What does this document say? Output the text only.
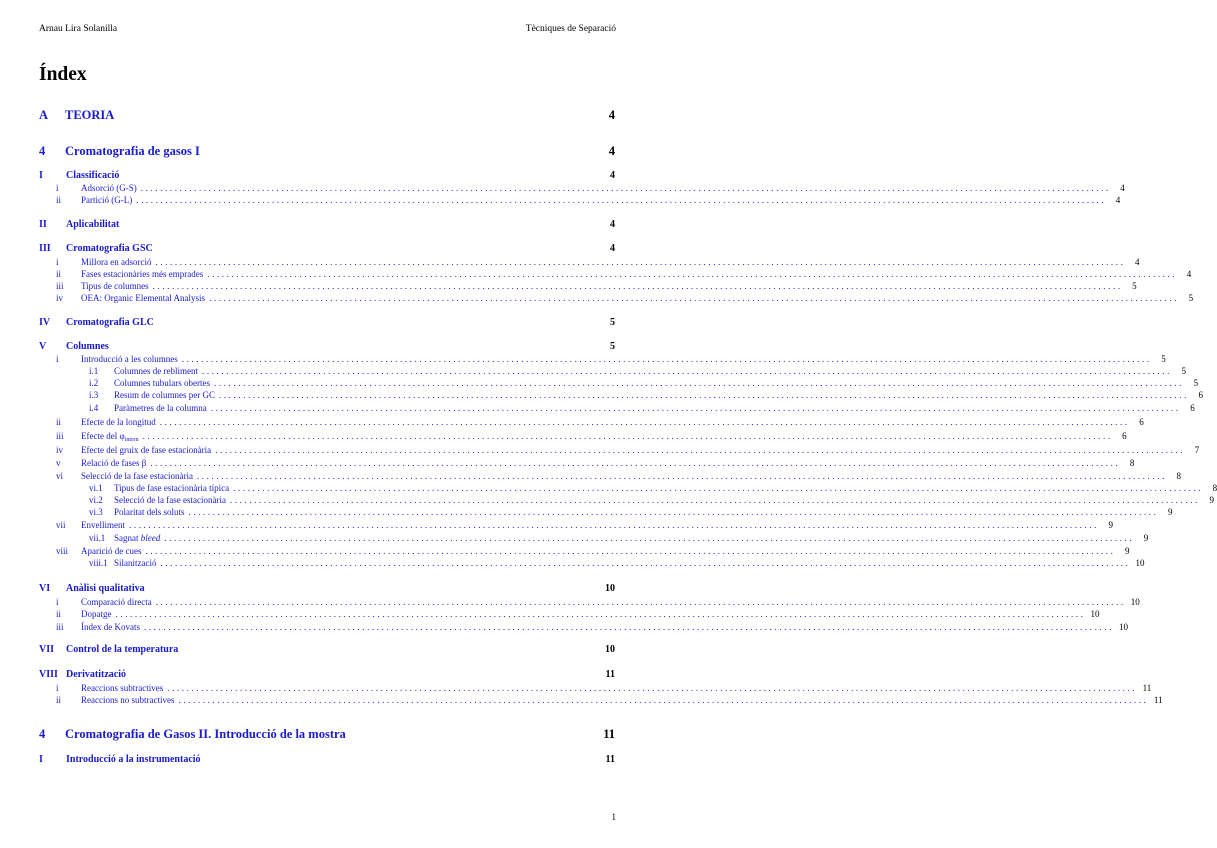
Arnau Lira Solanilla	Tècniques de Separació
Índex
A	TEORIA	4
4	Cromatografia de gasos I	4
I	Classificació	4
i	Adsorció (G-S) ........................................................................................................................................................................................................	4
ii	Partició (G-L) ........................................................................................................................................................................................................	4
II	Aplicabilitat	4
III	Cromatografia GSC	4
i	Millora en adsorció ........................................................................................................................................................................................................	4
ii	Fases estacionàries més emprades ........................................................................................................................................................................................................	4
iii	Tipus de columnes ........................................................................................................................................................................................................	5
iv	OEA: Organic Elemental Analysis ........................................................................................................................................................................................................	5
IV	Cromatografia GLC	5
V	Columnes	5
i	Introducció a les columnes ........................................................................................................................................................................................................	5
i.1	Columnes de rebliment ........................................................................................................................................................................................................	5
i.2	Columnes tubulars obertes ........................................................................................................................................................................................................	5
i.3	Resum de columnes per GC ........................................................................................................................................................................................................	6
i.4	Paràmetres de la columna ........................................................................................................................................................................................................	6
ii	Efecte de la longitud ........................................................................................................................................................................................................	6
iii	Efecte del $\varphi_{intern}$ ........................................................................................................................................................................................................	6
iv	Efecte del gruix de fase estacionària ........................................................................................................................................................................................................	7
v	Relació de fases β ........................................................................................................................................................................................................	8
vi	Selecció de la fase estacionària ........................................................................................................................................................................................................	8
vi.1	Tipus de fase estacionària típica ........................................................................................................................................................................................................	8
vi.2	Selecció de la fase estacionària ........................................................................................................................................................................................................	9
vi.3	Polaritat dels soluts ........................................................................................................................................................................................................	9
vii	Envelliment ........................................................................................................................................................................................................	9
vii.1 Sagnat bleed ........................................................................................................................................................................................................	9
viii	Aparició de cues ........................................................................................................................................................................................................	9
viii.1 Silanització ........................................................................................................................................................................................................ 10
VI	Anàlisi qualitativa	10
i	Comparació directa ........................................................................................................................................................................................................ 10
ii	Dopatge ........................................................................................................................................................................................................ 10
iii	Índex de Kovats ........................................................................................................................................................................................................ 10
VII	Control de la temperatura	10
VIII Derivatització	11
i	Reaccions subtractives ........................................................................................................................................................................................................ 11
ii	Reaccions no subtractives ........................................................................................................................................................................................................ 11
4	Cromatografia de Gasos II. Introducció de la mostra	11
I	Introducció a la instrumentació	11
1
